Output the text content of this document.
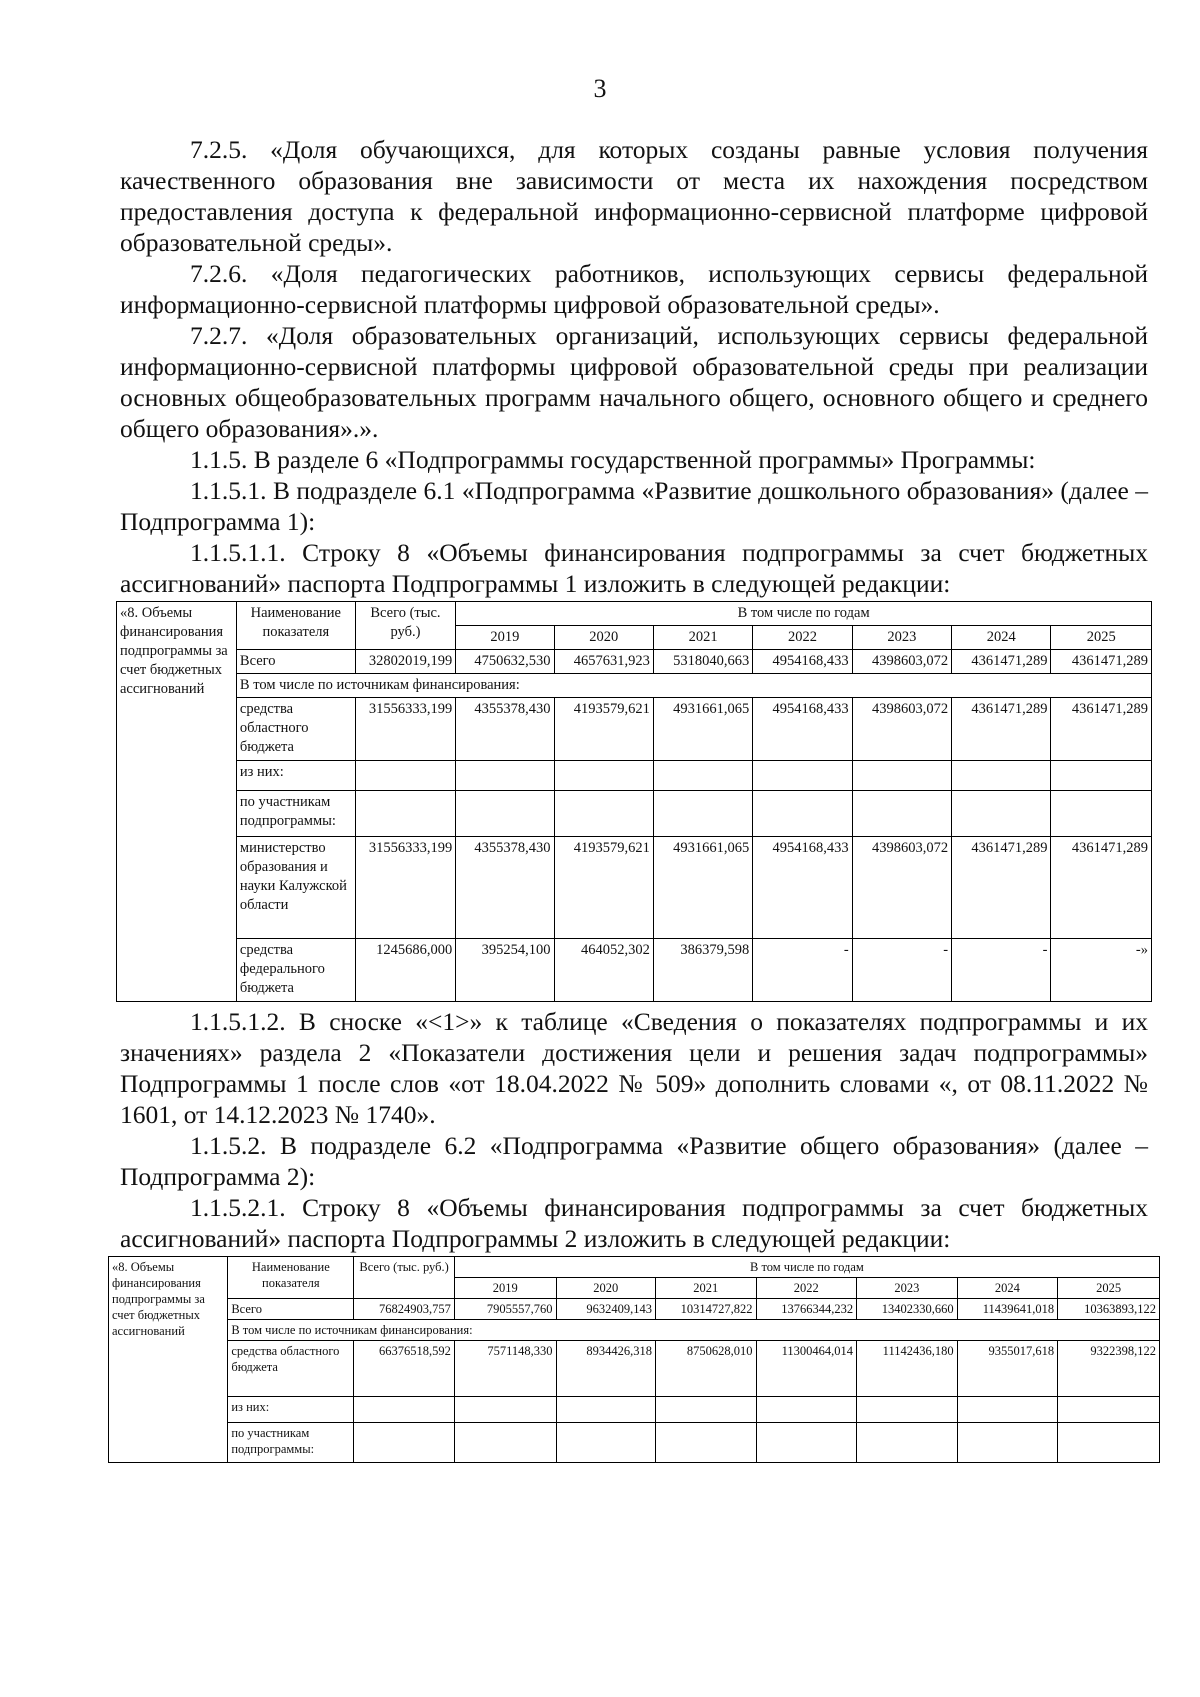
3

7.2.5. «Доля обучающихся, для которых созданы равные условия получения качественного образования вне зависимости от места их нахождения посредством предоставления доступа к федеральной информационно-сервисной платформе цифровой образовательной среды».

7.2.6. «Доля педагогических работников, использующих сервисы федеральной информационно-сервисной платформы цифровой образовательной среды».

7.2.7. «Доля образовательных организаций, использующих сервисы федеральной информационно-сервисной платформы цифровой образовательной среды при реализации основных общеобразовательных программ начального общего, основного общего и среднего общего образования».».

1.1.5. В разделе 6 «Подпрограммы государственной программы» Программы:

1.1.5.1. В подразделе 6.1 «Подпрограмма «Развитие дошкольного образования» (далее – Подпрограмма 1):

1.1.5.1.1. Строку 8 «Объемы финансирования подпрограммы за счет бюджетных ассигнований» паспорта Подпрограммы 1 изложить в следующей редакции:

«8. Объемы финансирования подпрограммы за счет бюджетных ассигнований	Наименование показателя	Всего (тыс. руб.)	В том числе по годам						
			2019	2020	2021	2022	2023	2024	2025
	Всего	32802019,199	4750632,530	4657631,923	5318040,663	4954168,433	4398603,072	4361471,289	4361471,289
	В том числе по источникам финансирования:								
	средства областного бюджета	31556333,199	4355378,430	4193579,621	4931661,065	4954168,433	4398603,072	4361471,289	4361471,289
	из них:								
	по участникам подпрограммы:								
	министерство образования и науки Калужской области	31556333,199	4355378,430	4193579,621	4931661,065	4954168,433	4398603,072	4361471,289	4361471,289
	средства федерального бюджета	1245686,000	395254,100	464052,302	386379,598	-	-	-	-»

1.1.5.1.2. В сноске «<1>» к таблице «Сведения о показателях подпрограммы и их значениях» раздела 2 «Показатели достижения цели и решения задач подпрограммы» Подпрограммы 1 после слов «от 18.04.2022 № 509» дополнить словами «, от 08.11.2022 № 1601, от 14.12.2023 № 1740».

1.1.5.2. В подразделе 6.2 «Подпрограмма «Развитие общего образования» (далее – Подпрограмма 2):

1.1.5.2.1. Строку 8 «Объемы финансирования подпрограммы за счет бюджетных ассигнований» паспорта Подпрограммы 2 изложить в следующей редакции:

«8. Объемы финансирования подпрограммы за счет бюджетных ассигнований	Наименование показателя	Всего (тыс. руб.)	В том числе по годам						
			2019	2020	2021	2022	2023	2024	2025
	Всего	76824903,757	7905557,760	9632409,143	10314727,822	13766344,232	13402330,660	11439641,018	10363893,122
	В том числе по источникам финансирования:								
	средства областного бюджета	66376518,592	7571148,330	8934426,318	8750628,010	11300464,014	11142436,180	9355017,618	9322398,122
	из них:								
	по участникам подпрограммы:								
